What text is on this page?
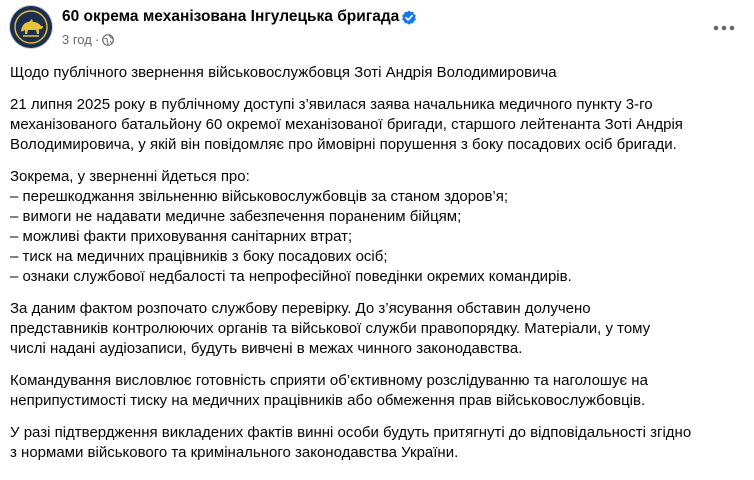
60 окрема механізована Інгулецька бригада
3 год ·

Щодо публічного звернення військовослужбовця Зоті Андрія Володимировича

21 липня 2025 року в публічному доступі з’явилася заява начальника медичного пункту 3-го
механізованого батальйону 60 окремої механізованої бригади, старшого лейтенанта Зоті Андрія
Володимировича, у якій він повідомляє про ймовірні порушення з боку посадових осіб бригади.

Зокрема, у зверненні йдеться про:
– перешкоджання звільненню військовослужбовців за станом здоров’я;
– вимоги не надавати медичне забезпечення пораненим бійцям;
– можливі факти приховування санітарних втрат;
– тиск на медичних працівників з боку посадових осіб;
– ознаки службової недбалості та непрофесійної поведінки окремих командирів.

За даним фактом розпочато службову перевірку. До з’ясування обставин долучено
представників контролюючих органів та військової служби правопорядку. Матеріали, у тому
числі надані аудіозаписи, будуть вивчені в межах чинного законодавства.

Командування висловлює готовність сприяти об’єктивному розслідуванню та наголошує на
неприпустимості тиску на медичних працівників або обмеження прав військовослужбовців.

У разі підтвердження викладених фактів винні особи будуть притягнуті до відповідальності згідно
з нормами військового та кримінального законодавства України.
